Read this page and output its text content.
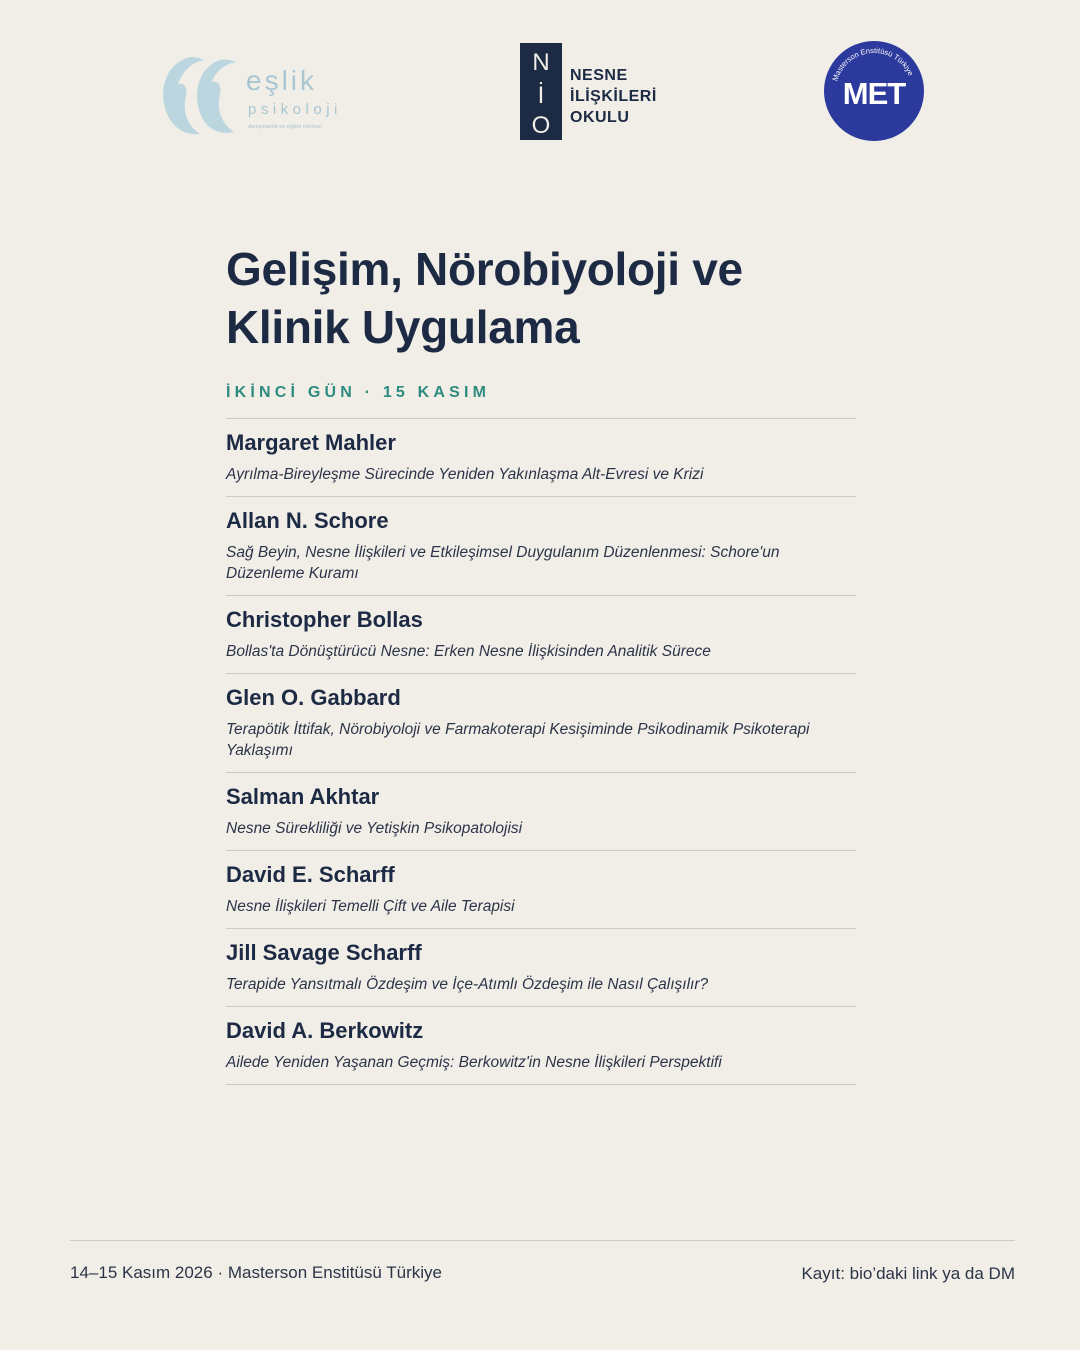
eşlik
psikoloji
danışmanlık ve eğitim merkezi
N
İ
O
NESNE
İLİŞKİLERİ
OKULU
Masterson Enstitüsü Türkiye
MET
Gelişim, Nörobiyoloji ve
Klinik Uygulama
İKİNCİ GÜN · 15 KASIM
Margaret Mahler
Ayrılma-Bireyleşme Sürecinde Yeniden Yakınlaşma Alt-Evresi ve Krizi
Allan N. Schore
Sağ Beyin, Nesne İlişkileri ve Etkileşimsel Duygulanım Düzenlenmesi: Schore'un Düzenleme Kuramı
Christopher Bollas
Bollas'ta Dönüştürücü Nesne: Erken Nesne İlişkisinden Analitik Sürece
Glen O. Gabbard
Terapötik İttifak, Nörobiyoloji ve Farmakoterapi Kesişiminde Psikodinamik Psikoterapi Yaklaşımı
Salman Akhtar
Nesne Sürekliliği ve Yetişkin Psikopatolojisi
David E. Scharff
Nesne İlişkileri Temelli Çift ve Aile Terapisi
Jill Savage Scharff
Terapide Yansıtmalı Özdeşim ve İçe-Atımlı Özdeşim ile Nasıl Çalışılır?
David A. Berkowitz
Ailede Yeniden Yaşanan Geçmiş: Berkowitz'in Nesne İlişkileri Perspektifi
14–15 Kasım 2026 · Masterson Enstitüsü Türkiye	Kayıt: bio’daki link ya da DM
